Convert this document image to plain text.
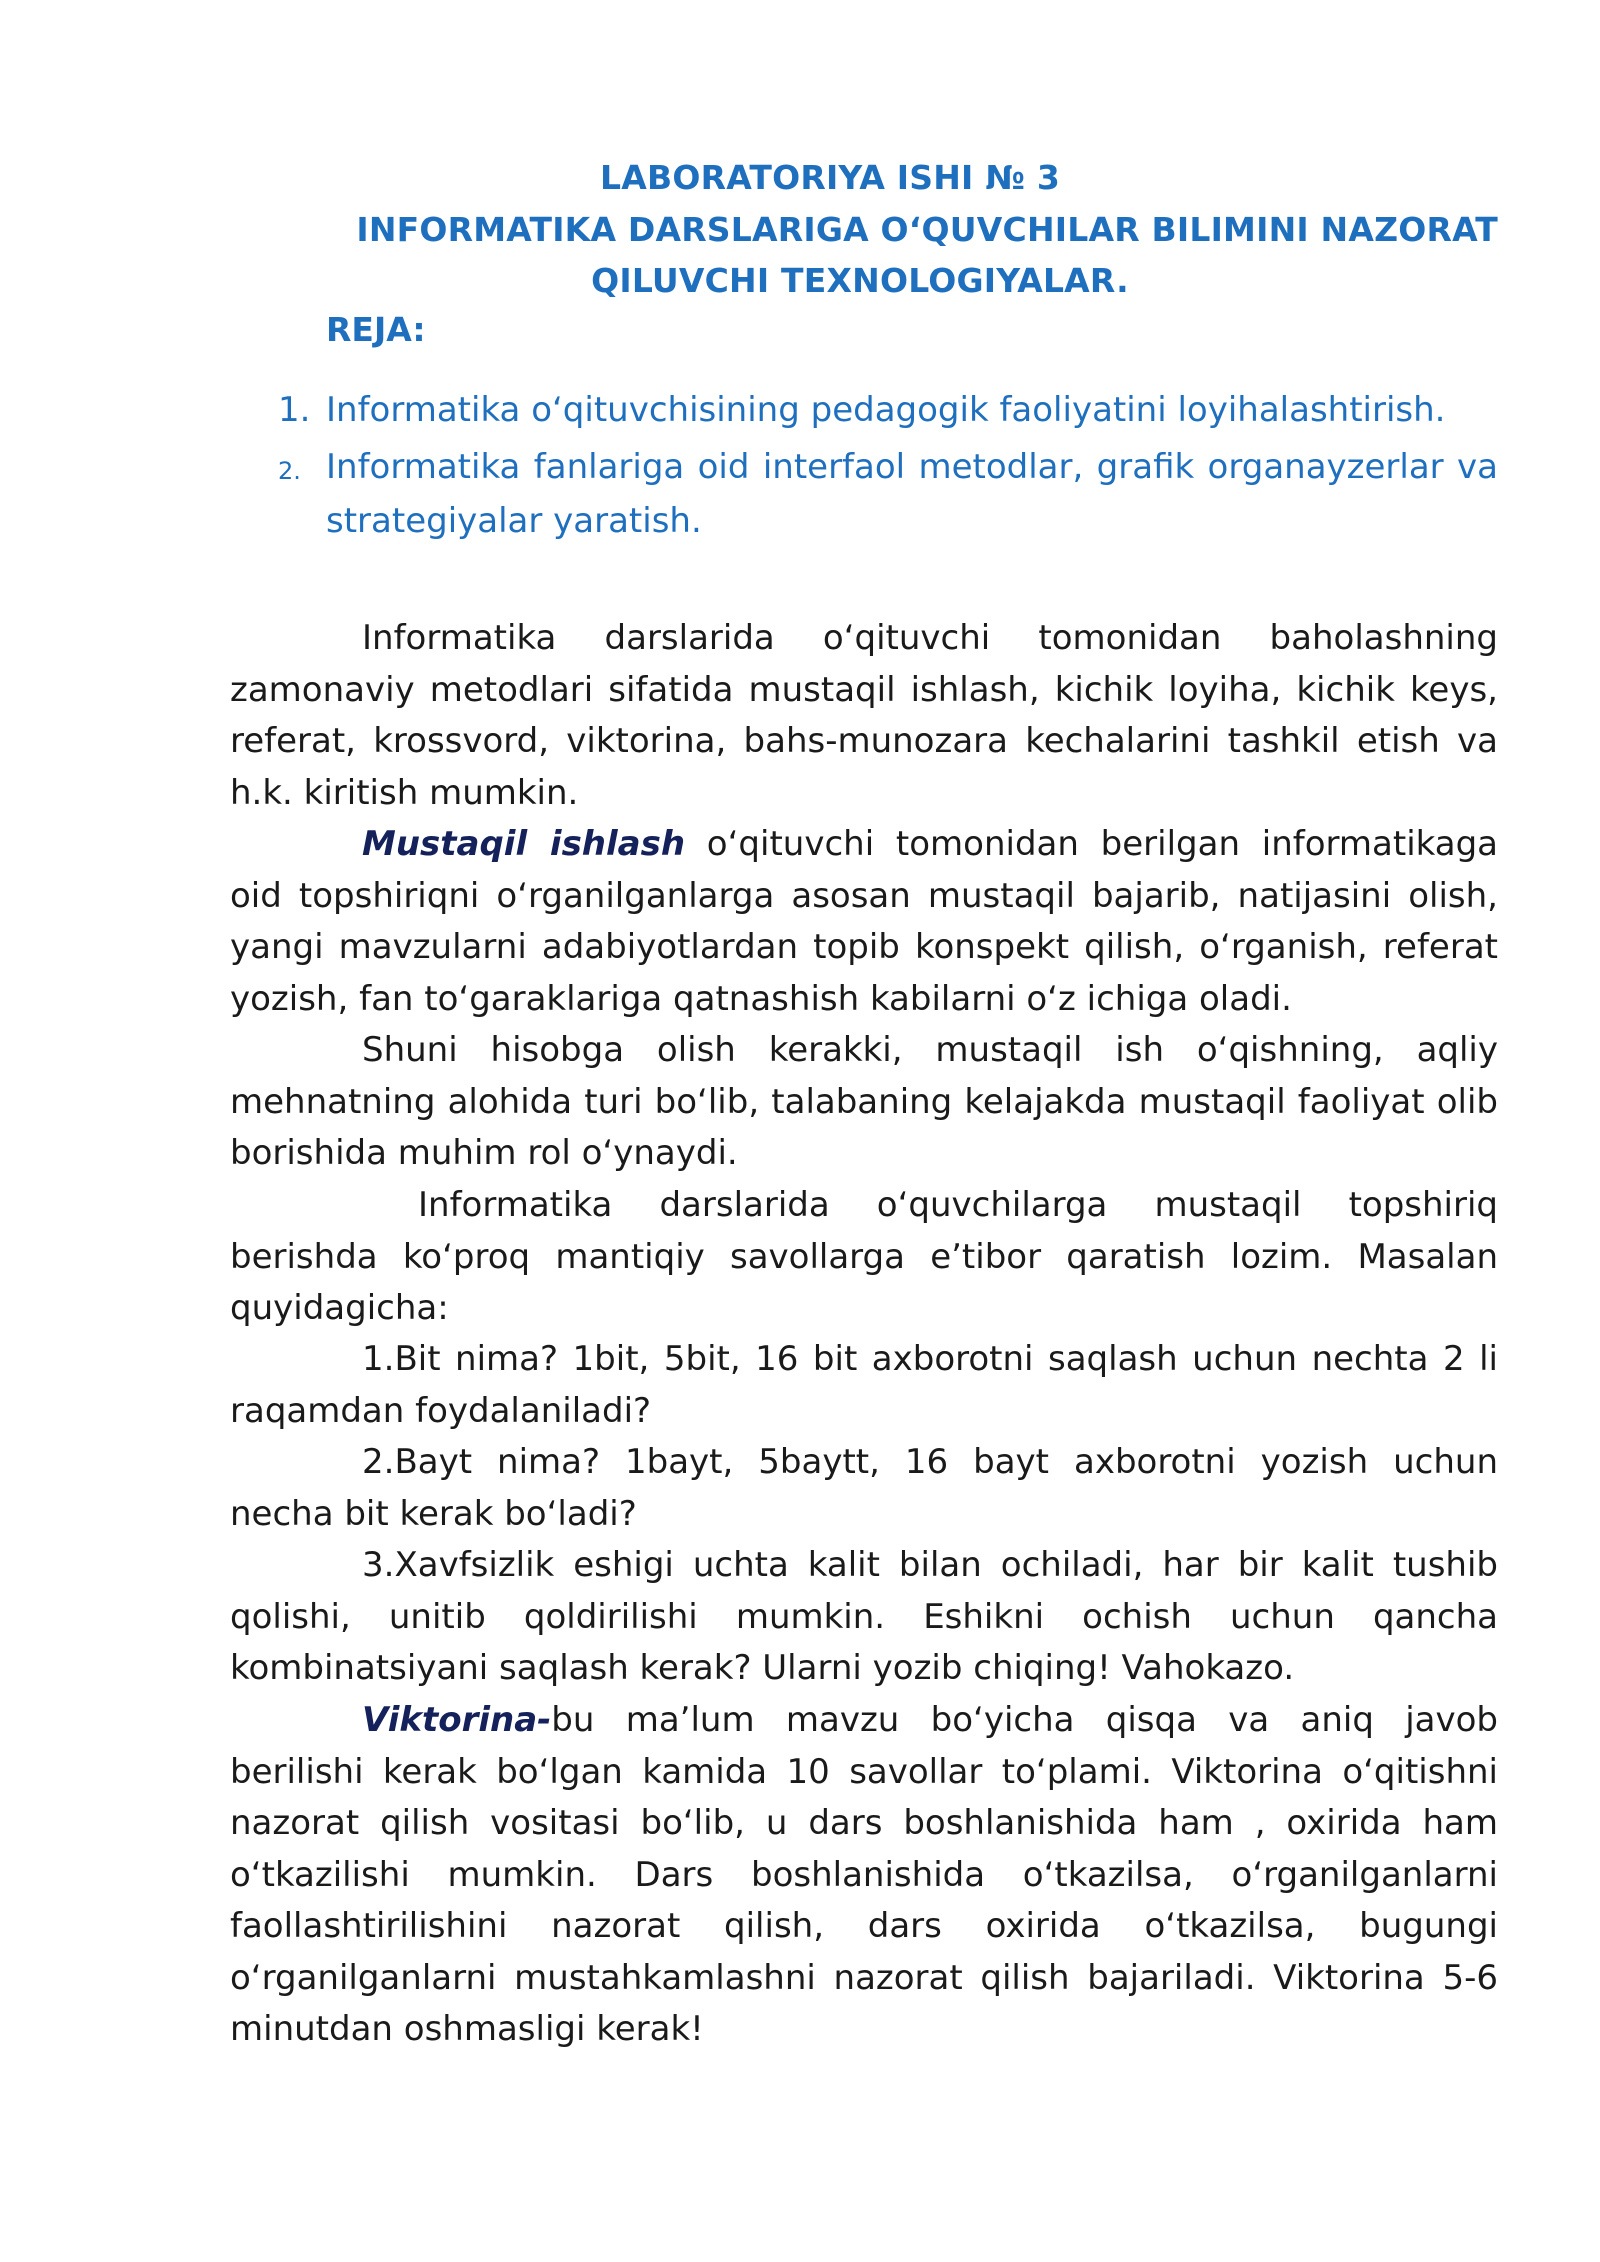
LABORATORIYA ISHI № 3
INFORMATIKA DARSLARIGA O‘QUVCHILAR BILIMINI NAZORAT
QILUVCHI TEXNOLOGIYALAR.
REJA:
1. Informatika o‘qituvchisining pedagogik faoliyatini loyihalashtirish.
2. Informatika fanlariga oid interfaol metodlar, grafik organayzerlar va strategiyalar yaratish.
Informatika darslarida o‘qituvchi tomonidan baholashning zamonaviy metodlari sifatida mustaqil ishlash, kichik loyiha, kichik keys, referat, krossvord, viktorina, bahs-munozara kechalarini tashkil etish va h.k. kiritish mumkin.
Mustaqil ishlash o‘qituvchi tomonidan berilgan informatikaga oid topshiriqni o‘rganilganlarga asosan mustaqil bajarib, natijasini olish, yangi mavzularni adabiyotlardan topib konspekt qilish, o‘rganish, referat yozish, fan to‘garaklariga qatnashish kabilarni o‘z ichiga oladi.
Shuni hisobga olish kerakki, mustaqil ish o‘qishning, aqliy mehnatning alohida turi bo‘lib, talabaning kelajakda mustaqil faoliyat olib borishida muhim rol o‘ynaydi.
Informatika darslarida o‘quvchilarga mustaqil topshiriq berishda ko‘proq mantiqiy savollarga e’tibor qaratish lozim. Masalan quyidagicha:
1.Bit nima? 1bit, 5bit, 16 bit axborotni saqlash uchun nechta 2 li raqamdan foydalaniladi?
2.Bayt nima? 1bayt, 5baytt, 16 bayt axborotni yozish uchun necha bit kerak bo‘ladi?
3.Xavfsizlik eshigi uchta kalit bilan ochiladi, har bir kalit tushib qolishi, unitib qoldirilishi mumkin. Eshikni ochish uchun qancha kombinatsiyani saqlash kerak? Ularni yozib chiqing! Vahokazo.
Viktorina-bu ma’lum mavzu bo‘yicha qisqa va aniq javob berilishi kerak bo‘lgan kamida 10 savollar to‘plami. Viktorina o‘qitishni nazorat qilish vositasi bo‘lib, u dars boshlanishida ham , oxirida ham o‘tkazilishi mumkin. Dars boshlanishida o‘tkazilsa, o‘rganilganlarni faollashtirilishini nazorat qilish, dars oxirida o‘tkazilsa, bugungi o‘rganilganlarni mustahkamlashni nazorat qilish bajariladi. Viktorina 5-6 minutdan oshmasligi kerak!
